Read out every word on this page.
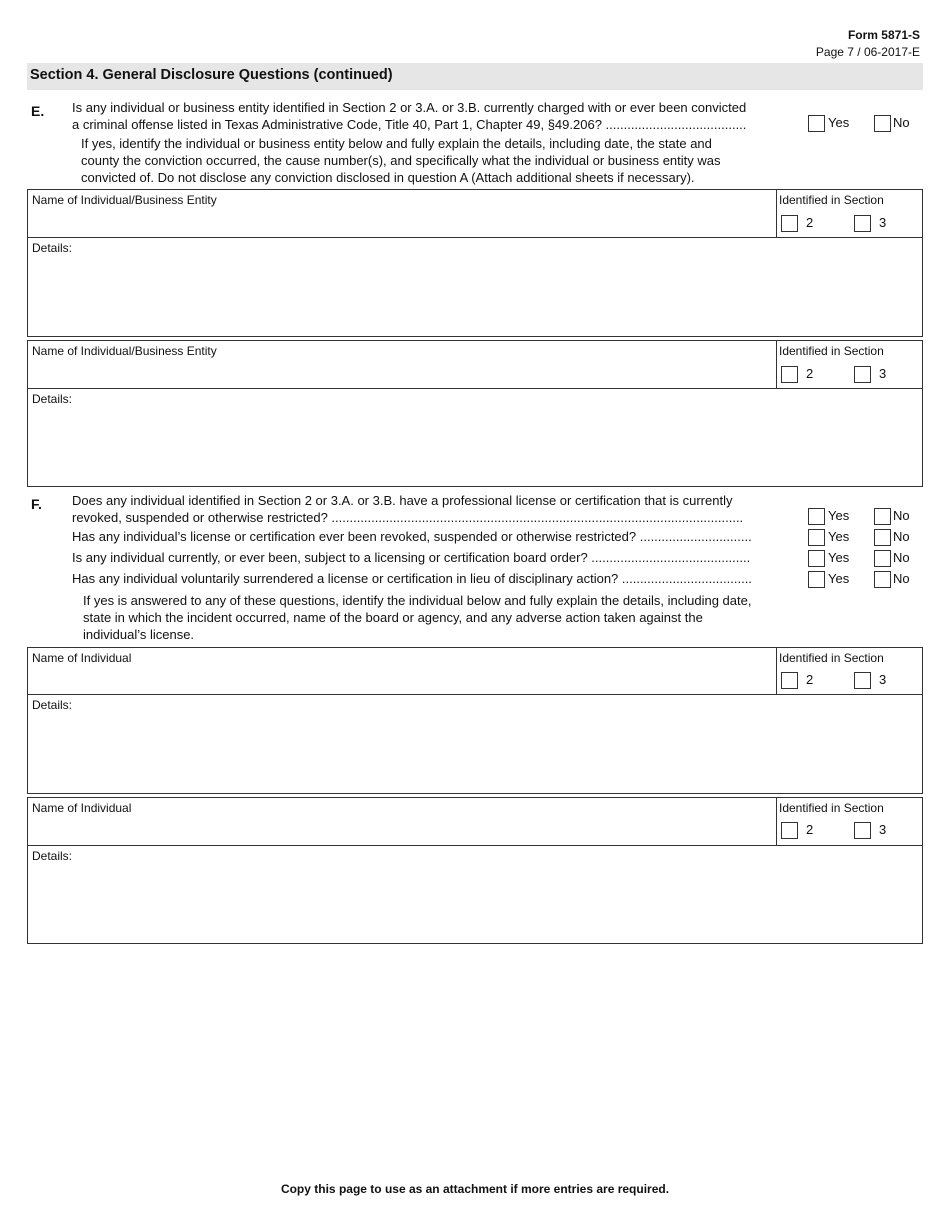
Form 5871-S
Page 7 / 06-2017-E
Section 4. General Disclosure Questions (continued)
E. Is any individual or business entity identified in Section 2 or 3.A. or 3.B. currently charged with or ever been convicted
a criminal offense listed in Texas Administrative Code, Title 40, Part 1, Chapter 49, §49.206? .......................................	Yes	No
If yes, identify the individual or business entity below and fully explain the details, including date, the state and
county the conviction occurred, the cause number(s), and specifically what the individual or business entity was
convicted of. Do not disclose any conviction disclosed in question A (Attach additional sheets if necessary).
Name of Individual/Business Entity	Identified in Section
2	3
Details:
Name of Individual/Business Entity	Identified in Section
2	3
Details:
F. Does any individual identified in Section 2 or 3.A. or 3.B. have a professional license or certification that is currently
revoked, suspended or otherwise restricted? ..................................................................................................................	Yes	No
Has any individual’s license or certification ever been revoked, suspended or otherwise restricted? ...............................	Yes	No
Is any individual currently, or ever been, subject to a licensing or certification board order? ............................................	Yes	No
Has any individual voluntarily surrendered a license or certification in lieu of disciplinary action? ....................................	Yes	No
If yes is answered to any of these questions, identify the individual below and fully explain the details, including date,
state in which the incident occurred, name of the board or agency, and any adverse action taken against the
individual’s license.
Name of Individual	Identified in Section
2	3
Details:
Name of Individual	Identified in Section
2	3
Details:
Copy this page to use as an attachment if more entries are required.
